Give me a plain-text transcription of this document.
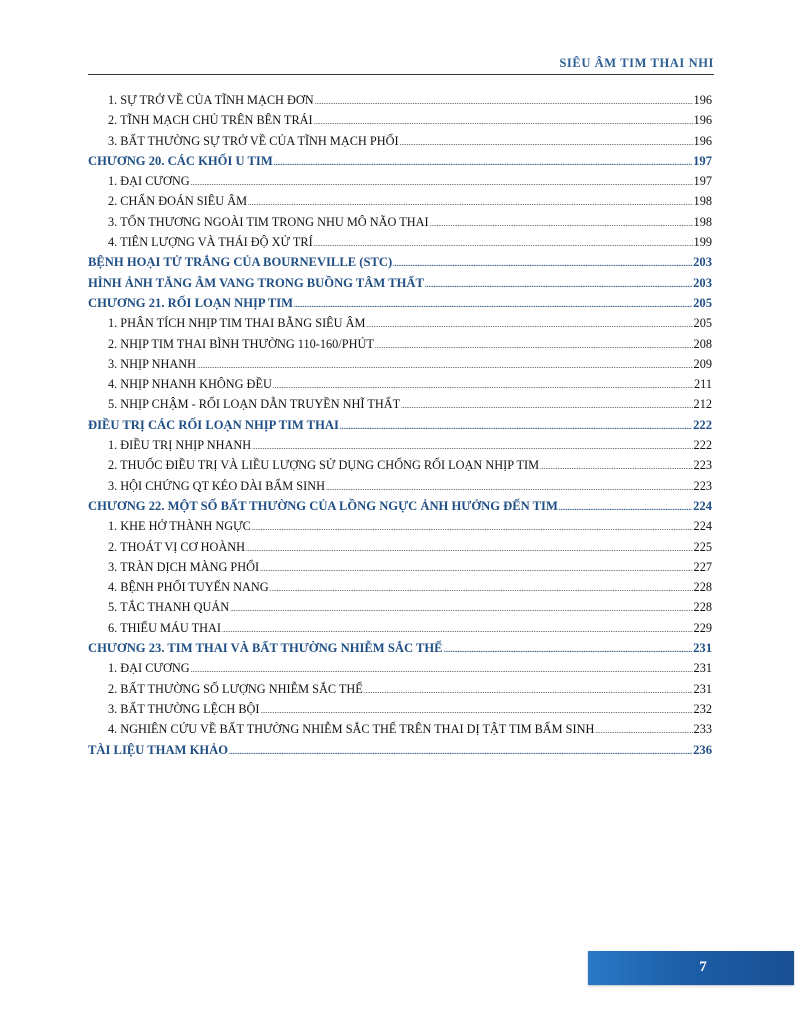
SIÊU ÂM TIM THAI NHI
1. SỰ TRỞ VỀ CỦA TĨNH MẠCH ĐƠN .....	196
2. TĨNH MẠCH CHỦ TRÊN BÊN TRÁI .....	196
3. BẤT THƯỜNG SỰ TRỞ VỀ CỦA TĨNH MẠCH PHỔI .....	196
CHƯƠNG 20. CÁC KHỐI U TIM .....	197
1. ĐẠI CƯƠNG .....	197
2. CHẨN ĐOÁN SIÊU ÂM .....	198
3. TỔN THƯƠNG NGOÀI TIM TRONG NHU MÔ NÃO THAI .....	198
4. TIÊN LƯỢNG VÀ THÁI ĐỘ XỬ TRÍ .....	199
BỆNH HOẠI TỬ TRẮNG CỦA BOURNEVILLE (STC) .....	203
HÌNH ẢNH TĂNG ÂM VANG TRONG BUỒNG TÂM THẤT .....	203
CHƯƠNG 21. RỐI LOẠN NHỊP TIM .....	205
1. PHÂN TÍCH NHỊP TIM THAI BẰNG SIÊU ÂM .....	205
2. NHỊP TIM THAI BÌNH THƯỜNG 110-160/PHÚT .....	208
3. NHỊP NHANH .....	209
4. NHỊP NHANH KHÔNG ĐỀU .....	211
5. NHỊP CHẬM - RỐI LOẠN DẪN TRUYỀN NHĨ THẤT .....	212
ĐIỀU TRỊ CÁC RỐI LOẠN NHỊP TIM THAI .....	222
1. ĐIỀU TRỊ NHỊP NHANH .....	222
2. THUỐC ĐIỀU TRỊ VÀ LIỀU LƯỢNG SỬ DỤNG CHỐNG RỐI LOẠN NHỊP TIM .....	223
3. HỘI CHỨNG QT KÉO DÀI BẨM SINH .....	223
CHƯƠNG 22. MỘT SỐ BẤT THƯỜNG CỦA LỒNG NGỰC ẢNH HƯỞNG ĐẾN TIM .....	224
1. KHE HỞ THÀNH NGỰC .....	224
2. THOÁT VỊ CƠ HOÀNH .....	225
3. TRÀN DỊCH MÀNG PHỔI .....	227
4. BỆNH PHỔI TUYẾN NANG .....	228
5. TẮC THANH QUẢN .....	228
6. THIẾU MÁU THAI .....	229
CHƯƠNG 23. TIM THAI VÀ BẤT THƯỜNG NHIỄM SẮC THỂ .....	231
1. ĐẠI CƯƠNG .....	231
2. BẤT THƯỜNG SỐ LƯỢNG NHIỄM SẮC THỂ .....	231
3. BẤT THƯỜNG LỆCH BỘI .....	232
4. NGHIÊN CỨU VỀ BẤT THƯỜNG NHIỄM SẮC THỂ TRÊN THAI DỊ TẬT TIM BẨM SINH .....	233
TÀI LIỆU THAM KHẢO .....	236
7
